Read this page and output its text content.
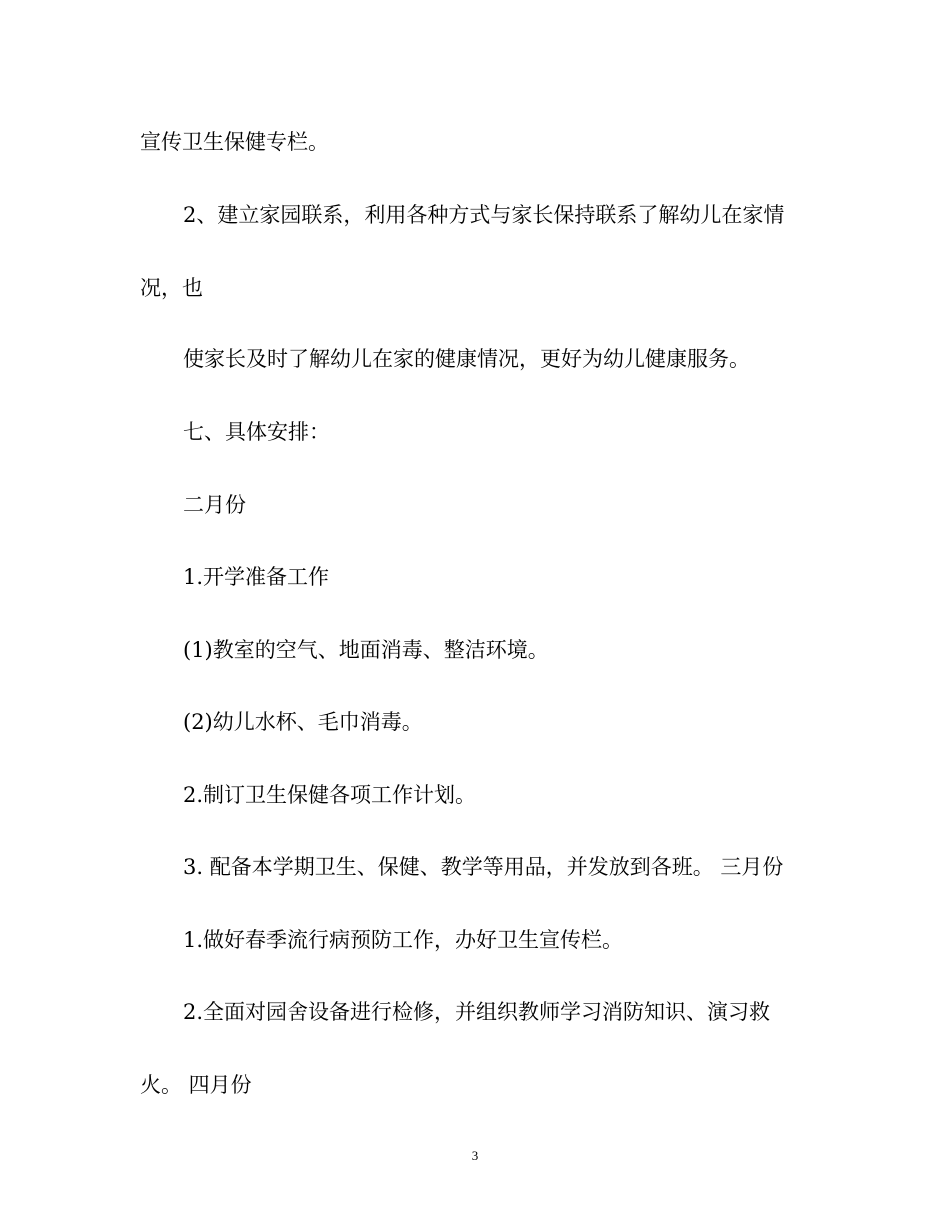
宣传卫生保健专栏。

2、建立家园联系，利用各种方式与家长保持联系了解幼儿在家情

况，也

使家长及时了解幼儿在家的健康情况，更好为幼儿健康服务。

七、具体安排：

二月份

1.开学准备工作

(1)教室的空气、地面消毒、整洁环境。

(2)幼儿水杯、毛巾消毒。

2.制订卫生保健各项工作计划。

3. 配备本学期卫生、保健、教学等用品，并发放到各班。 三月份

1.做好春季流行病预防工作，办好卫生宣传栏。

2.全面对园舍设备进行检修，并组织教师学习消防知识、演习救

火。 四月份

3
